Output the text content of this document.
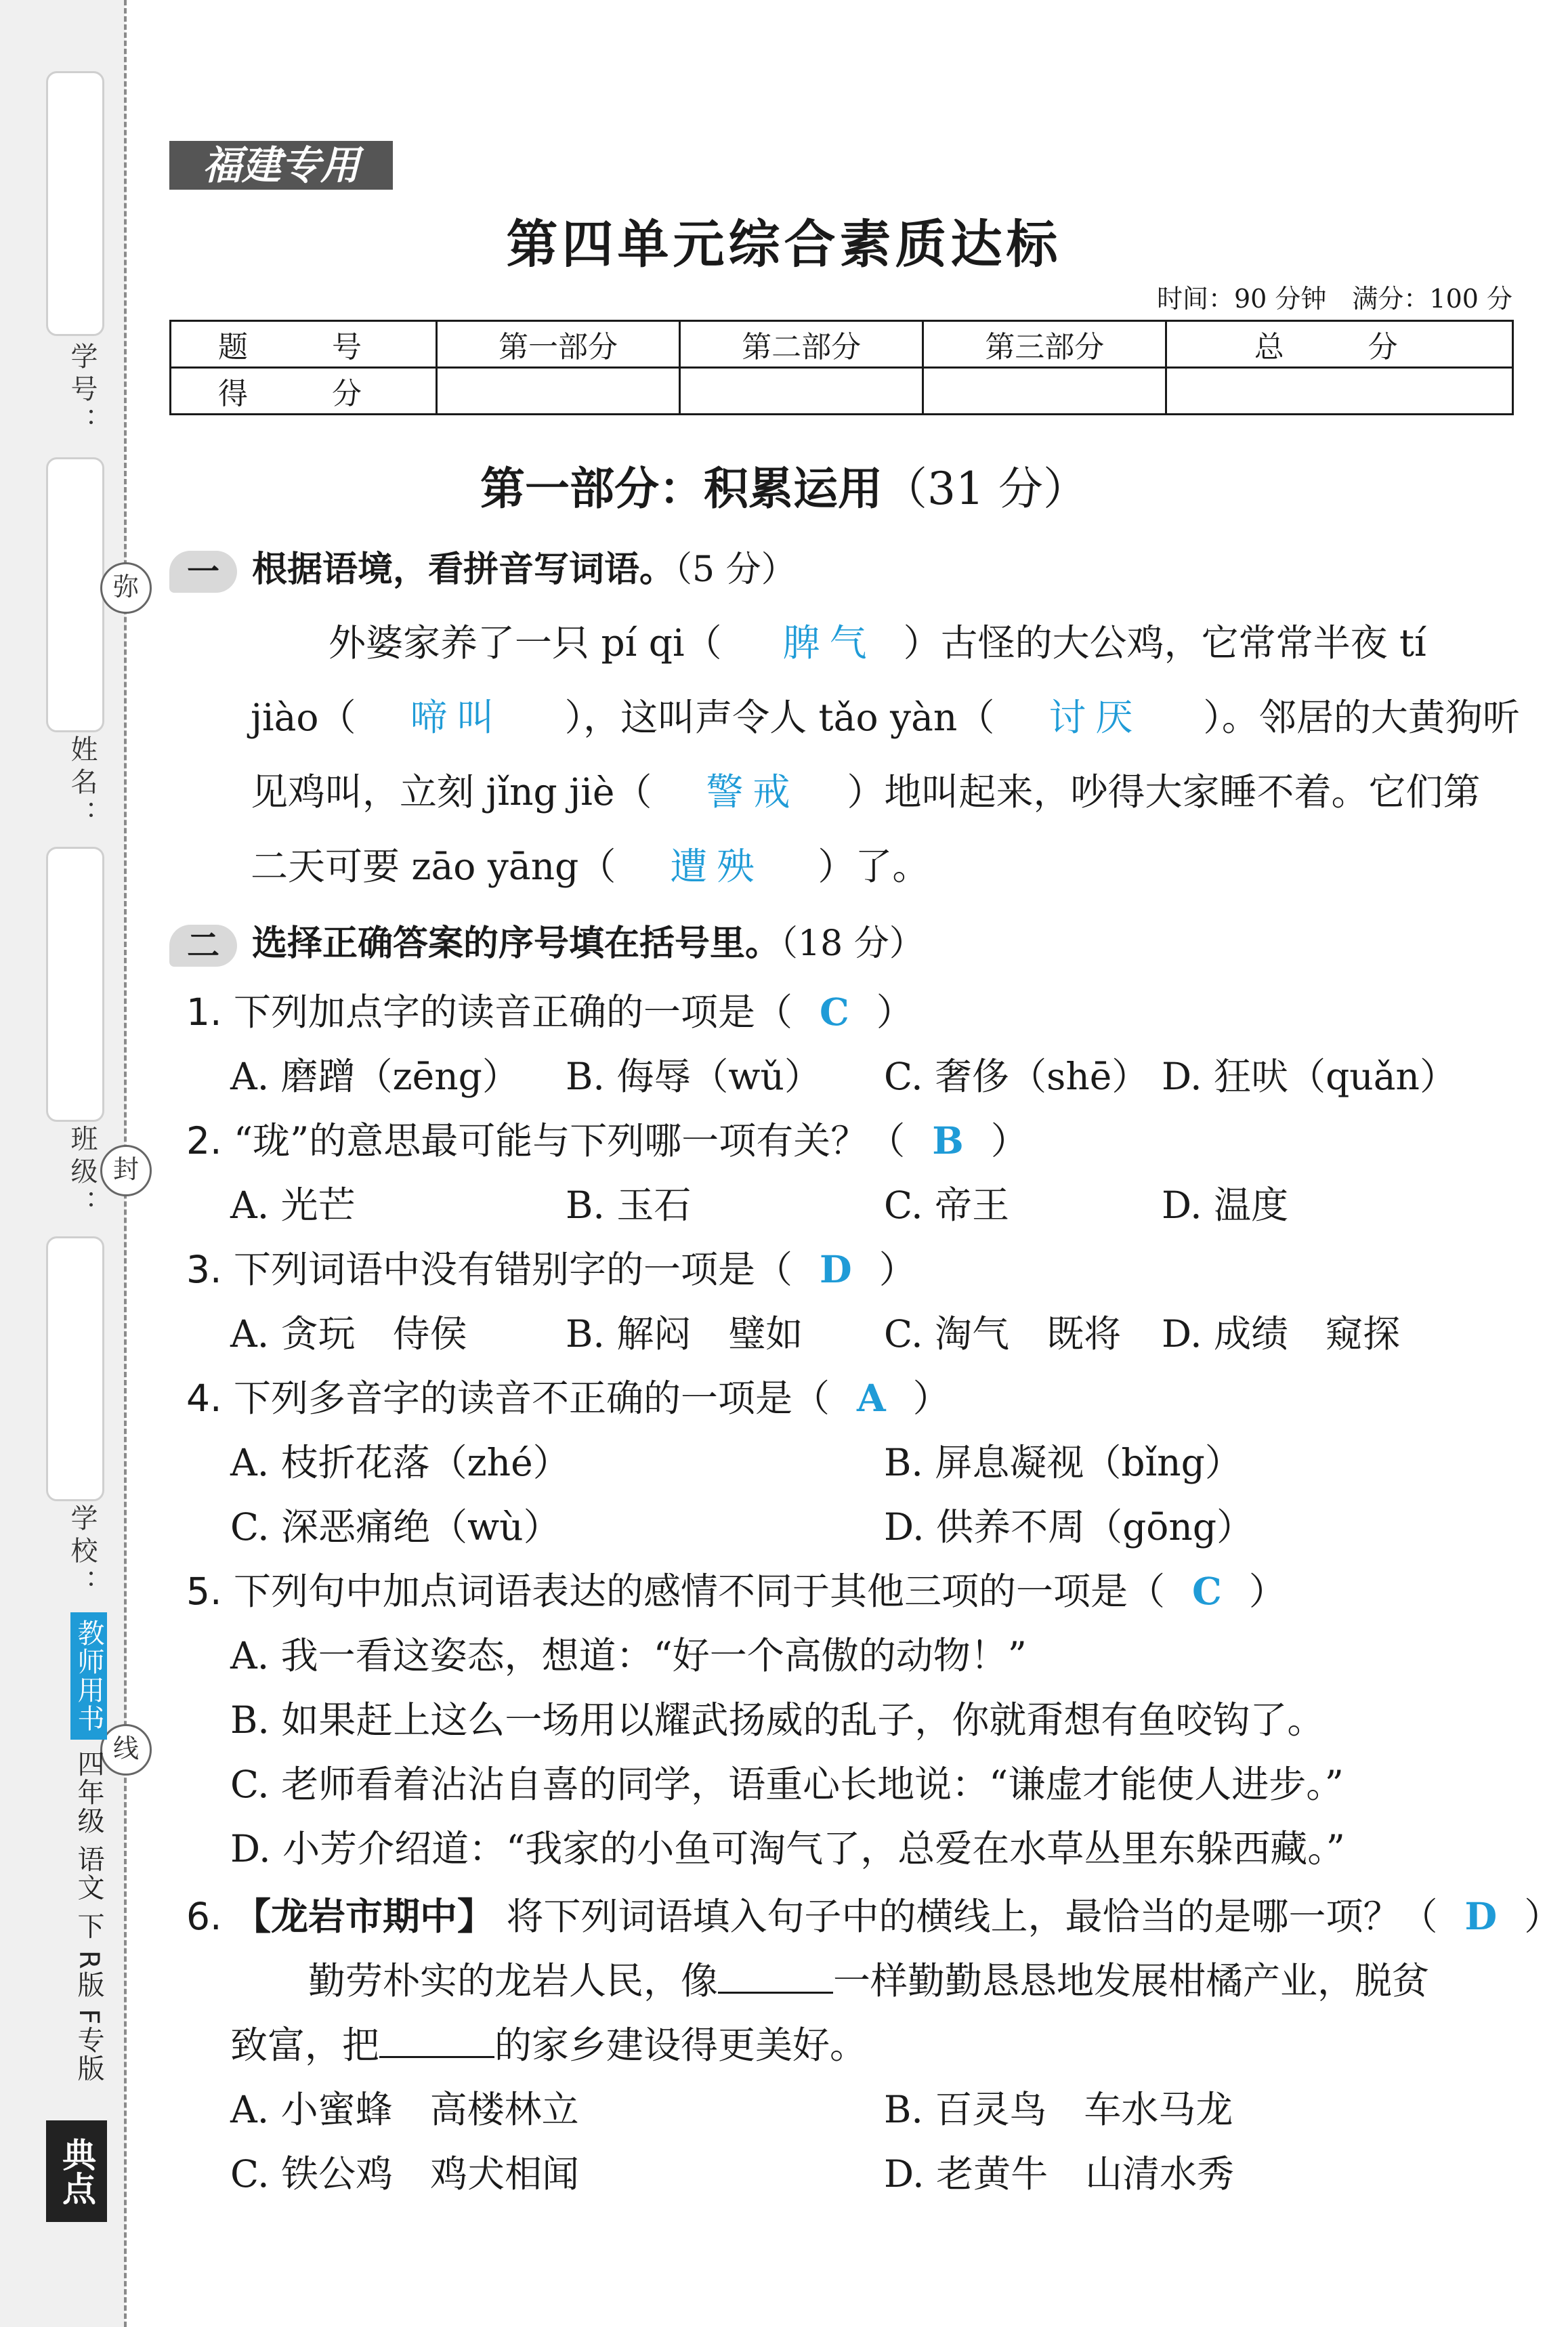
学号：
姓名：
班级：
学校：
弥
封
线
教师用书 四年级 语文 下 R版 F专版
典点
福建专用
第四单元综合素质达标
时间：90 分钟　满分：100 分
题　号	第一部分	第二部分	第三部分	总　分
得　分				
第一部分：积累运用（31 分）
一 根据语境，看拼音写词语。（5 分）
外婆家养了一只 pí qi（ 脾气 ）古怪的大公鸡，它常常半夜 tí
jiào（ 啼叫 ），这叫声令人 tǎo yàn（ 讨厌 ）。邻居的大黄狗听
见鸡叫，立刻 jǐng jiè（ 警戒 ）地叫起来，吵得大家睡不着。它们第
二天可要 zāo yāng（ 遭殃 ）了。
二 选择正确答案的序号填在括号里。（18 分）
1. 下列加点字的读音正确的一项是（ C ）
A. 磨蹭（zēng） B. 侮辱（wǔ） C. 奢侈（shē） D. 狂吠（quǎn）
2. “珑”的意思最可能与下列哪一项有关？（ B ）
A. 光芒	B. 玉石	C. 帝王	D. 温度
3. 下列词语中没有错别字的一项是（ D ）
A. 贪玩　侍侯	B. 解闷　璧如 C. 淘气　既将 D. 成绩　窥探
4. 下列多音字的读音不正确的一项是（ A ）
A. 枝折花落（zhé）	B. 屏息凝视（bǐng）
C. 深恶痛绝（wù）	D. 供养不周（gōng）
5. 下列句中加点词语表达的感情不同于其他三项的一项是（ C ）
A. 我一看这姿态，想道：“好一个高傲的动物！”
B. 如果赶上这么一场用以耀武扬威的乱子，你就甭想有鱼咬钩了。
C. 老师看着沾沾自喜的同学，语重心长地说：“谦虚才能使人进步。”
D. 小芳介绍道：“我家的小鱼可淘气了，总爱在水草丛里东躲西藏。”
6. 【龙岩市期中】 将下列词语填入句子中的横线上，最恰当的是哪一项？（ D ）
勤劳朴实的龙岩人民，像	一样勤勤恳恳地发展柑橘产业，脱贫
致富，把	的家乡建设得更美好。
A. 小蜜蜂　高楼林立	B. 百灵鸟　车水马龙
C. 铁公鸡　鸡犬相闻	D. 老黄牛　山清水秀
